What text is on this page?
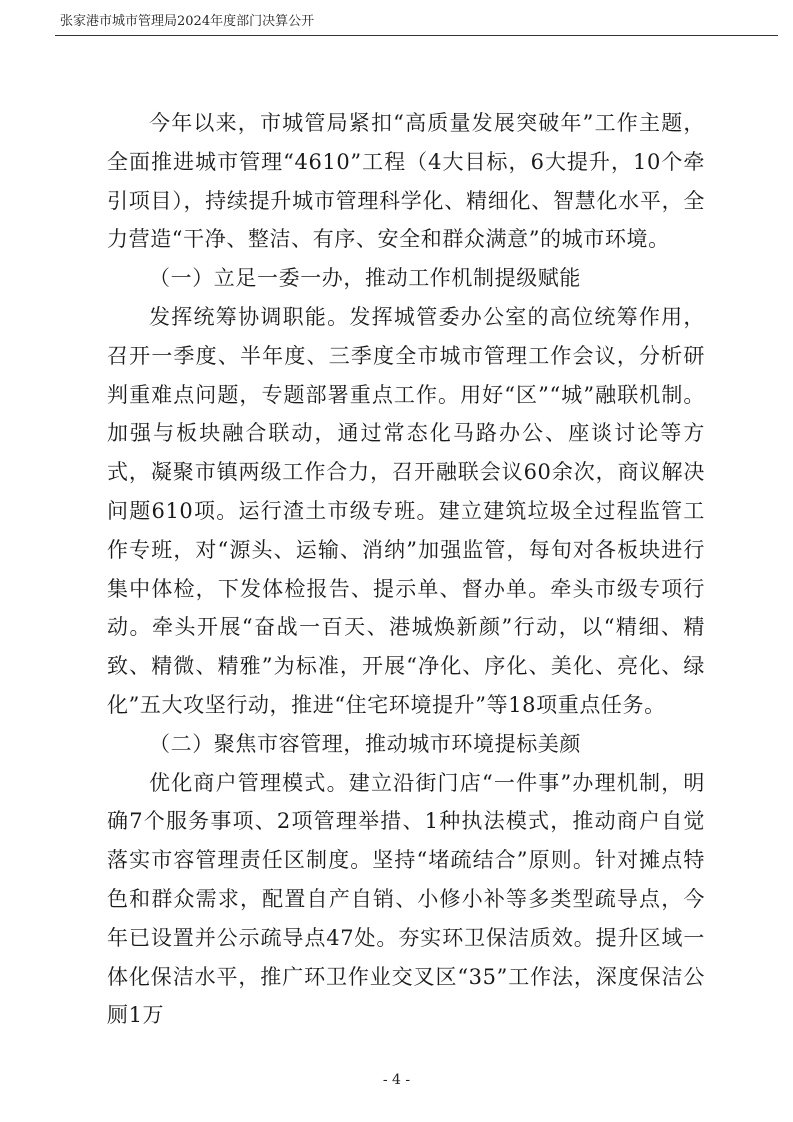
张家港市城市管理局2024年度部门决算公开

今年以来，市城管局紧扣“高质量发展突破年”工作主题，全面推进城市管理“4610”工程（4大目标，6大提升，10个牵引项目），持续提升城市管理科学化、精细化、智慧化水平，全力营造“干净、整洁、有序、安全和群众满意”的城市环境。

（一）立足一委一办，推动工作机制提级赋能

发挥统筹协调职能。发挥城管委办公室的高位统筹作用，召开一季度、半年度、三季度全市城市管理工作会议，分析研判重难点问题，专题部署重点工作。用好“区”“城”融联机制。加强与板块融合联动，通过常态化马路办公、座谈讨论等方式，凝聚市镇两级工作合力，召开融联会议60余次，商议解决问题610项。运行渣土市级专班。建立建筑垃圾全过程监管工作专班，对“源头、运输、消纳”加强监管，每旬对各板块进行集中体检，下发体检报告、提示单、督办单。牵头市级专项行动。牵头开展“奋战一百天、港城焕新颜”行动，以“精细、精致、精微、精雅”为标准，开展“净化、序化、美化、亮化、绿化”五大攻坚行动，推进“住宅环境提升”等18项重点任务。

（二）聚焦市容管理，推动城市环境提标美颜

优化商户管理模式。建立沿街门店“一件事”办理机制，明确7个服务事项、2项管理举措、1种执法模式，推动商户自觉落实市容管理责任区制度。坚持“堵疏结合”原则。针对摊点特色和群众需求，配置自产自销、小修小补等多类型疏导点，今年已设置并公示疏导点47处。夯实环卫保洁质效。提升区域一体化保洁水平，推广环卫作业交叉区“35”工作法，深度保洁公厕1万

- 4 -
